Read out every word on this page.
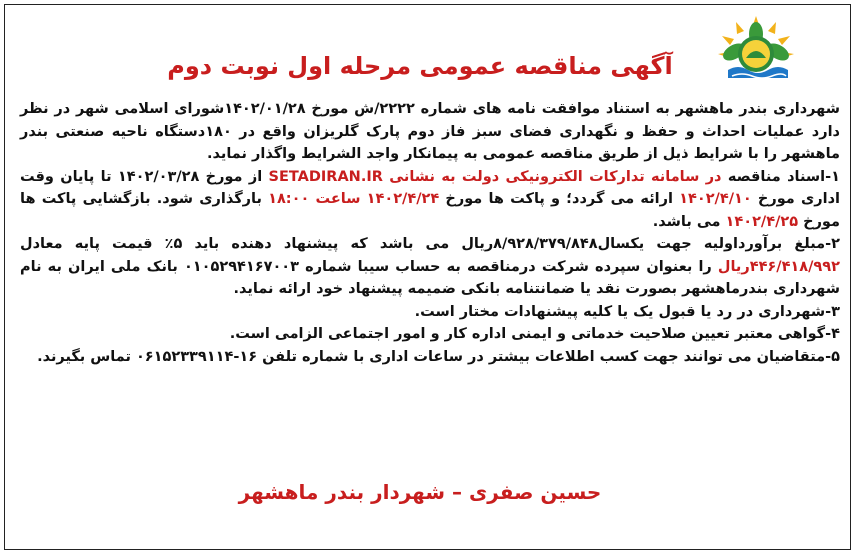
آگهی مناقصه عمومی مرحله اول نوبت دوم

شهرداری بندر ماهشهر به استناد موافقت نامه های شماره ۲۲۲۲/ش مورخ ۱۴۰۲/۰۱/۲۸شورای اسلامی شهر در نظر دارد عملیات احداث و حفظ و نگهداری فضای سبز فاز دوم پارک گلریزان واقع در ۱۸۰دستگاه ناحیه صنعتی بندر ماهشهر را با شرایط ذیل از طریق مناقصه عمومی به پیمانکار واجد الشرایط واگذار نماید.

۱-اسناد مناقصه در سامانه تدارکات الکترونیکی دولت به نشانی SETADIRAN.IR از مورخ ۱۴۰۲/۰۳/۲۸ تا پایان وقت اداری مورخ ۱۴۰۲/۴/۱۰ ارائه می گردد؛ و پاکت ها مورخ ۱۴۰۲/۴/۲۴ ساعت ۱۸:۰۰ بارگذاری شود. بازگشایی پاکت ها مورخ ۱۴۰۲/۴/۲۵ می باشد.

۲-مبلغ برآورداولیه جهت یکسال۸/۹۲۸/۳۷۹/۸۴۸ریال می باشد که پیشنهاد دهنده باید ۵٪ قیمت پایه معادل ۴۴۶/۴۱۸/۹۹۲ریال را بعنوان سپرده شرکت درمناقصه به حساب سیبا شماره ۰۱۰۵۲۹۴۱۶۷۰۰۳ بانک ملی ایران به نام شهرداری بندرماهشهر بصورت نقد یا ضمانتنامه بانکی ضمیمه پیشنهاد خود ارائه نماید.

۳-شهرداری در رد یا قبول یک یا کلیه پیشنهادات مختار است.

۴-گواهی معتبر تعیین صلاحیت خدماتی و ایمنی اداره کار و امور اجتماعی الزامی است.

۵-متقاضیان می توانند جهت کسب اطلاعات بیشتر در ساعات اداری با شماره تلفن ۱۶-۰۶۱۵۲۳۳۹۱۱۴ تماس بگیرند.

حسین صفری – شهردار بندر ماهشهر
